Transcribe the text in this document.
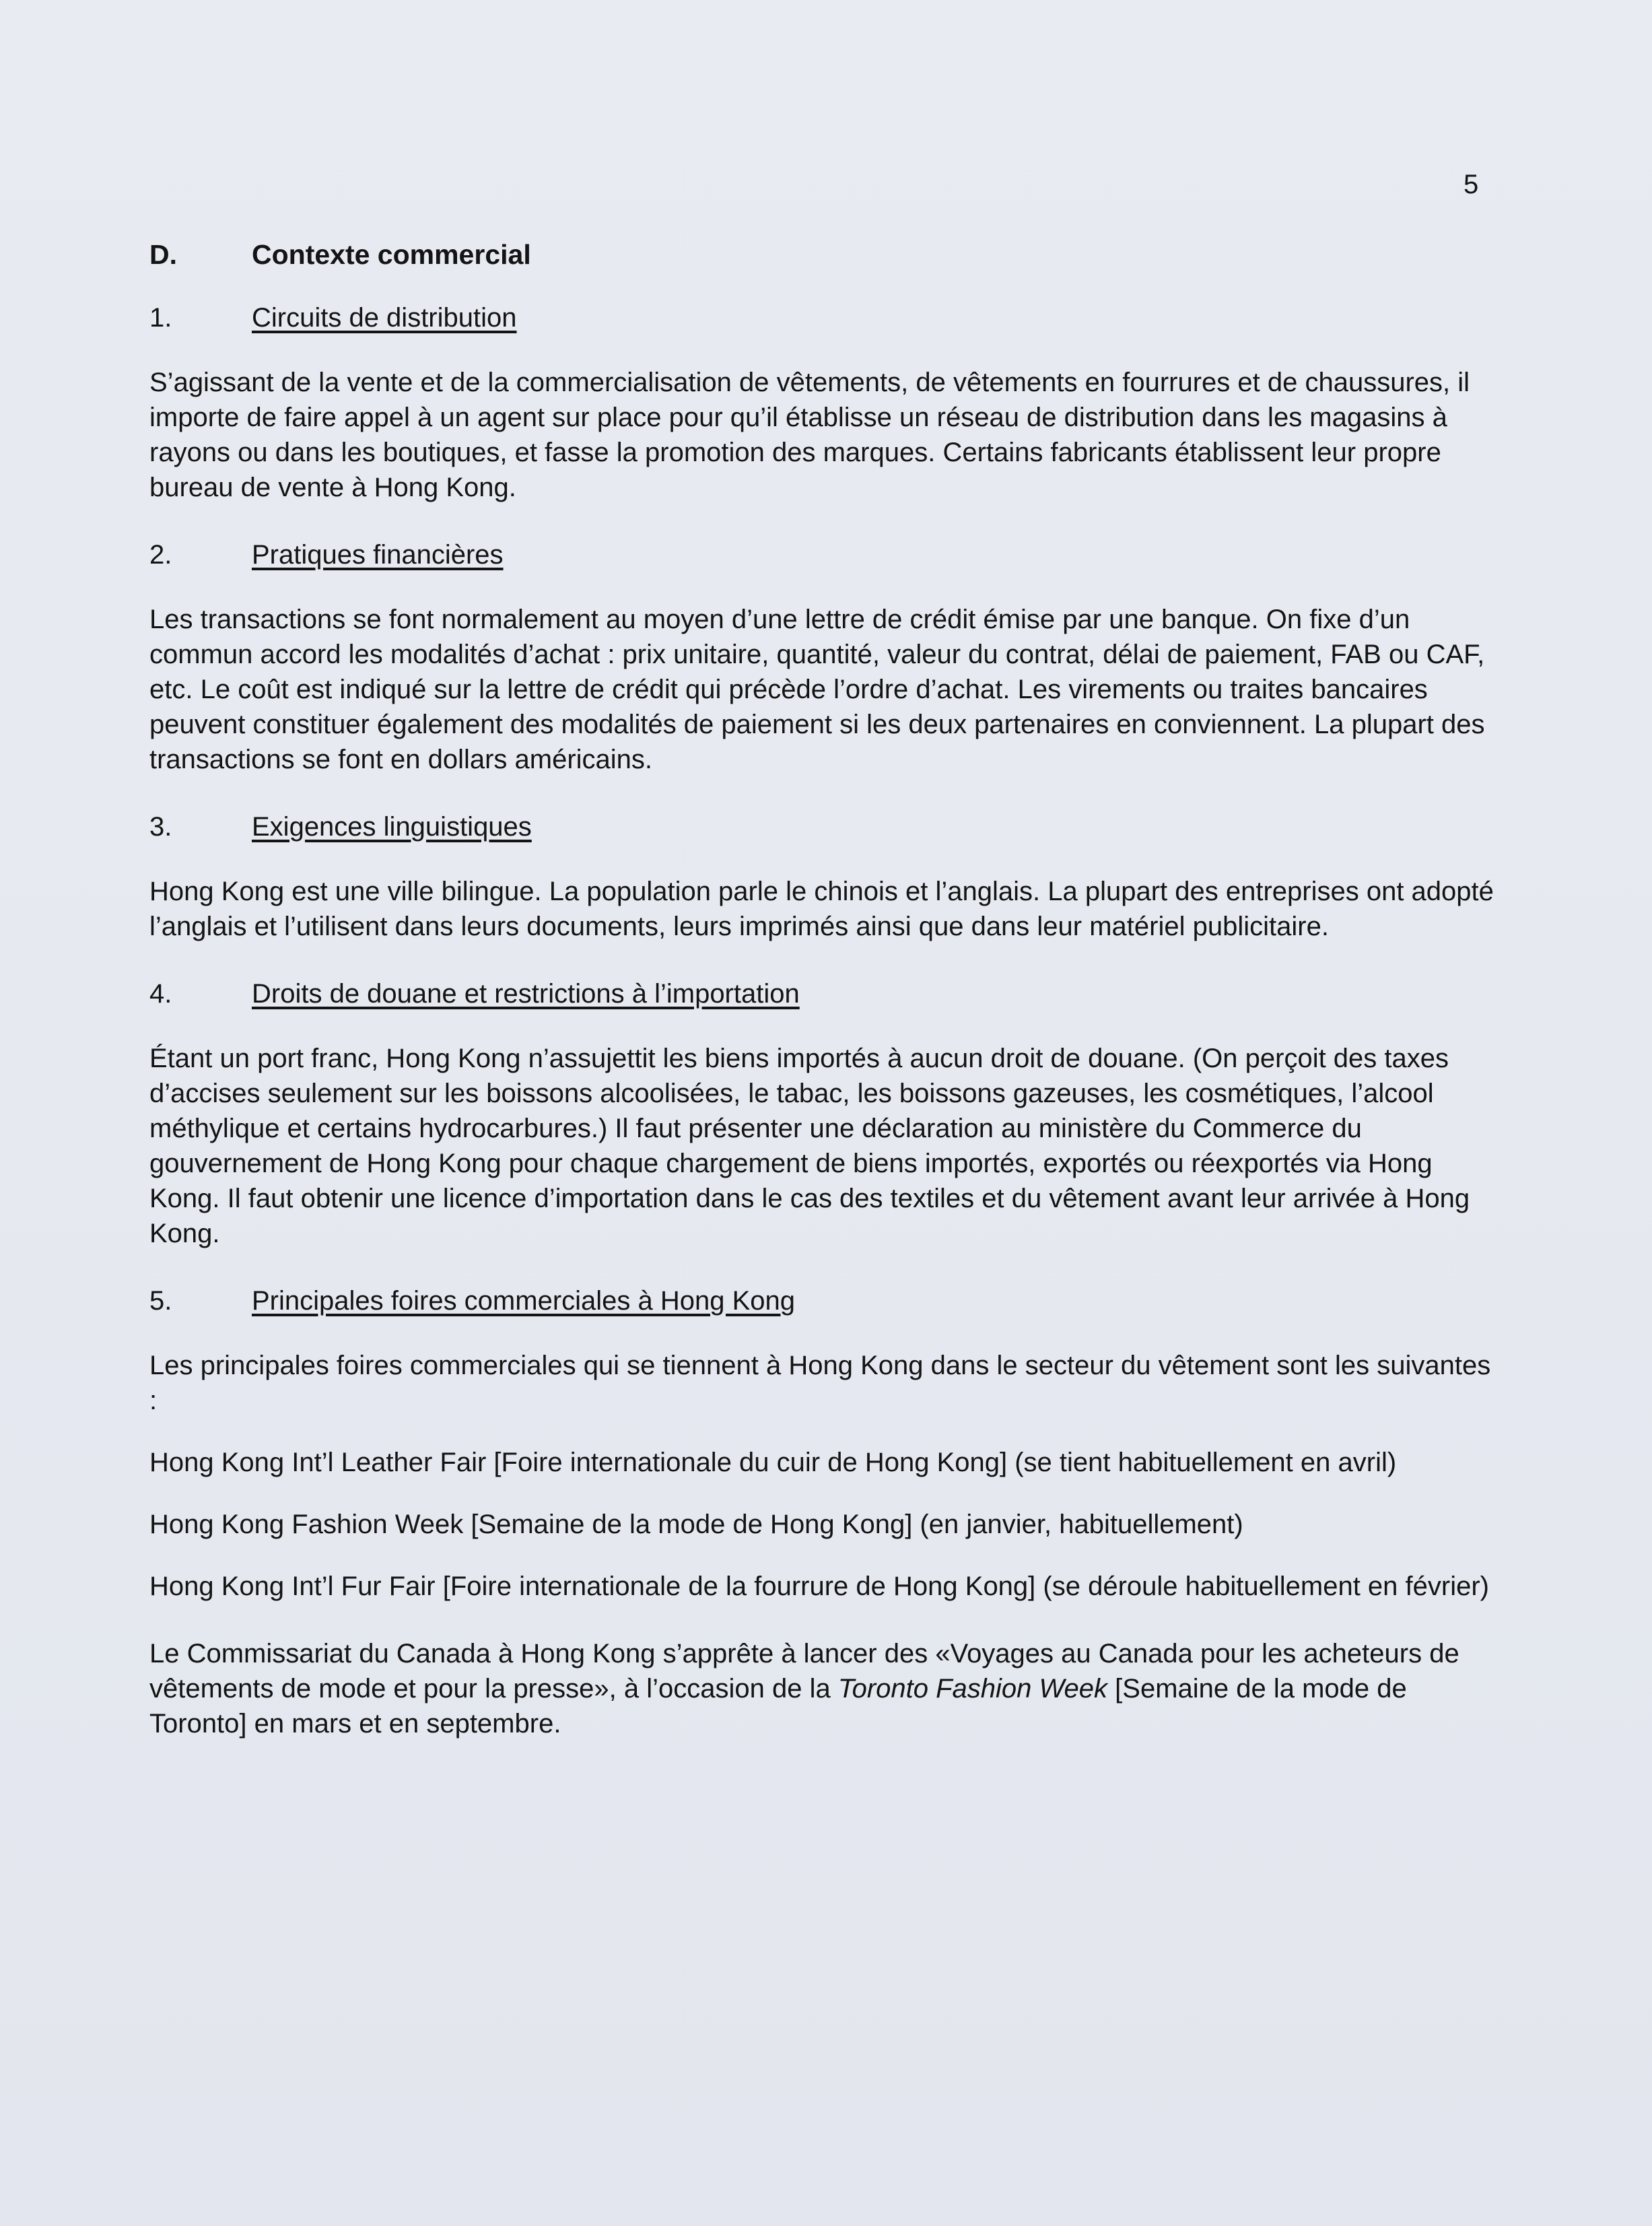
5

D.	Contexte commercial
1.	Circuits de distribution

S’agissant de la vente et de la commercialisation de vêtements, de vêtements en fourrures et de chaussures, il importe de faire appel à un agent sur place pour qu’il établisse un réseau de distribution dans les magasins à rayons ou dans les boutiques, et fasse la promotion des marques. Certains fabricants établissent leur propre bureau de vente à Hong Kong.

2.	Pratiques financières

Les transactions se font normalement au moyen d’une lettre de crédit émise par une banque. On fixe d’un commun accord les modalités d’achat : prix unitaire, quantité, valeur du contrat, délai de paiement, FAB ou CAF, etc. Le coût est indiqué sur la lettre de crédit qui précède l’ordre d’achat. Les virements ou traites bancaires peuvent constituer également des modalités de paiement si les deux partenaires en conviennent. La plupart des transactions se font en dollars américains.

3.	Exigences linguistiques

Hong Kong est une ville bilingue. La population parle le chinois et l’anglais. La plupart des entreprises ont adopté l’anglais et l’utilisent dans leurs documents, leurs imprimés ainsi que dans leur matériel publicitaire.

4.	Droits de douane et restrictions à l’importation

Étant un port franc, Hong Kong n’assujettit les biens importés à aucun droit de douane. (On perçoit des taxes d’accises seulement sur les boissons alcoolisées, le tabac, les boissons gazeuses, les cosmétiques, l’alcool méthylique et certains hydrocarbures.) Il faut présenter une déclaration au ministère du Commerce du gouvernement de Hong Kong pour chaque chargement de biens importés, exportés ou réexportés via Hong Kong. Il faut obtenir une licence d’importation dans le cas des textiles et du vêtement avant leur arrivée à Hong Kong.

5.	Principales foires commerciales à Hong Kong

Les principales foires commerciales qui se tiennent à Hong Kong dans le secteur du vêtement sont les suivantes :

Hong Kong Int’l Leather Fair [Foire internationale du cuir de Hong Kong] (se tient habituellement en avril)

Hong Kong Fashion Week [Semaine de la mode de Hong Kong] (en janvier, habituellement)

Hong Kong Int’l Fur Fair [Foire internationale de la fourrure de Hong Kong] (se déroule habituellement en février)

Le Commissariat du Canada à Hong Kong s’apprête à lancer des «Voyages au Canada pour les acheteurs de vêtements de mode et pour la presse», à l’occasion de la Toronto Fashion Week [Semaine de la mode de Toronto] en mars et en septembre.
